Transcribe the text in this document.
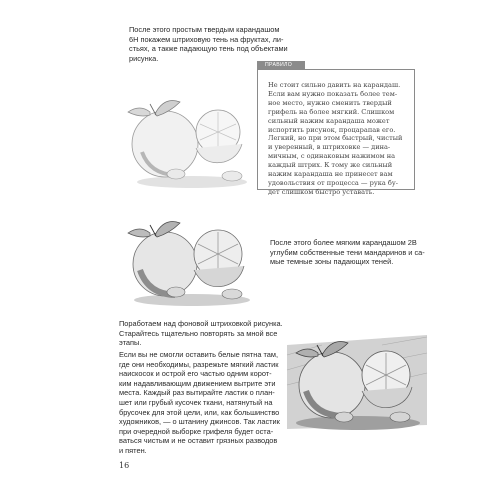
После этого простым твердым карандашом
6Н покажем штриховую тень на фруктах, ли-
стьях, а также падающую тень под объектами
рисунка.
ПРАВИЛО
Не стоит сильно давить на карандаш.
Если вам нужно показать более тем-
ное место, нужно сменить твердый
грифель на более мягкий. Слишком
сильный нажим карандаша может
испортить рисунок, процарапав его.
Легкий, но при этом быстрый, чистый
и уверенный, в штриховке — дина-
мичным, с одинаковым нажимом на
каждый штрих. К тому же сильный
нажим карандаша не принесет вам
удовольствия от процесса — рука бу-
дет слишком быстро уставать.
После этого более мягким карандашом 2В
углубим собственные тени мандаринов и са-
мые темные зоны падающих теней.
Поработаем над фоновой штриховкой рисунка.
Старайтесь тщательно повторять за мной все
этапы.
Если вы не смогли оставить белые пятна там,
где они необходимы, разрежьте мягкий ластик
наискосок и острой его частью одним корот-
ким надавливающим движением вытрите эти
места. Каждый раз вытирайте ластик о план-
шет или грубый кусочек ткани, натянутый на
брусочек для этой цели, или, как большинство
художников, — о штанину джинсов. Так ластик
при очередной выборке грифеля будет оста-
ваться чистым и не оставит грязных разводов
и пятен.
16
